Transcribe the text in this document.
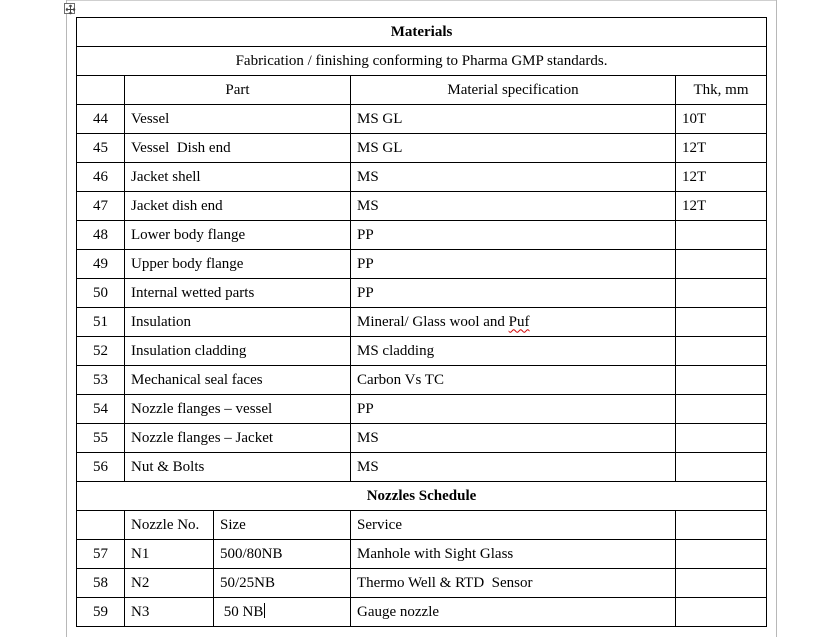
Materials				
Fabrication / finishing conforming to Pharma GMP standards.				
	Part		Material specification	Thk, mm
44	Vessel		MS GL	10T
45	Vessel  Dish end		MS GL	12T
46	Jacket shell		MS	12T
47	Jacket dish end		MS	12T
48	Lower body flange		PP	
49	Upper body flange		PP	
50	Internal wetted parts		PP	
51	Insulation		Mineral/ Glass wool and Puf	
52	Insulation cladding		MS cladding	
53	Mechanical seal faces		Carbon Vs TC	
54	Nozzle flanges – vessel		PP	
55	Nozzle flanges – Jacket		MS	
56	Nut & Bolts		MS	
Nozzles Schedule				
	Nozzle No.	Size	Service	
57	N1	500/80NB	Manhole with Sight Glass	
58	N2	50/25NB	Thermo Well & RTD  Sensor	
59	N3	50 NB	Gauge nozzle	
